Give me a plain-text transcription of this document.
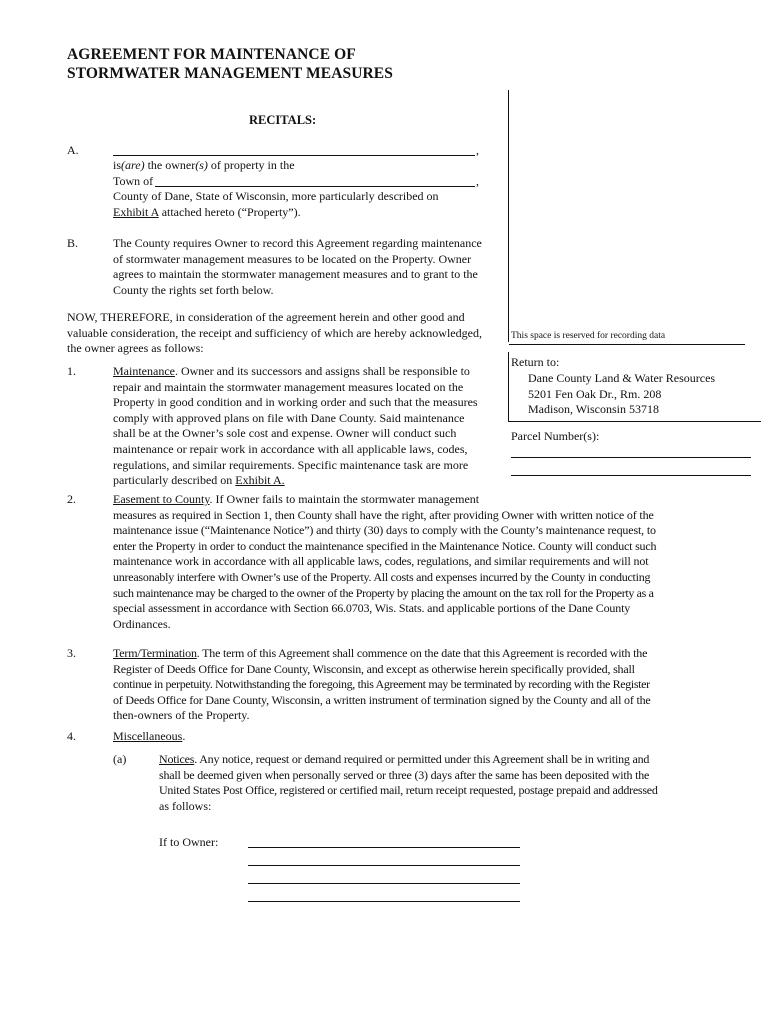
AGREEMENT FOR MAINTENANCE OF
STORMWATER MANAGEMENT MEASURES
RECITALS:
A.	,
is(are) the owner(s) of property in the
Town of	,
County of Dane, State of Wisconsin, more particularly described on
Exhibit A attached hereto (“Property”).
B.	The County requires Owner to record this Agreement regarding maintenance
of stormwater management measures to be located on the Property. Owner
agrees to maintain the stormwater management measures and to grant to the
County the rights set forth below.
NOW, THEREFORE, in consideration of the agreement herein and other good and
valuable consideration, the receipt and sufficiency of which are hereby acknowledged,
the owner agrees as follows:
This space is reserved for recording data
Return to:
Dane County Land & Water Resources
5201 Fen Oak Dr., Rm. 208
Madison, Wisconsin 53718
Parcel Number(s):
1.	Maintenance. Owner and its successors and assigns shall be responsible to
repair and maintain the stormwater management measures located on the
Property in good condition and in working order and such that the measures
comply with approved plans on file with Dane County. Said maintenance
shall be at the Owner’s sole cost and expense. Owner will conduct such
maintenance or repair work in accordance with all applicable laws, codes,
regulations, and similar requirements. Specific maintenance task are more
particularly described on Exhibit A.
2.	Easement to County. If Owner fails to maintain the stormwater management
measures as required in Section 1, then County shall have the right, after providing Owner with written notice of the
maintenance issue (“Maintenance Notice”) and thirty (30) days to comply with the County’s maintenance request, to
enter the Property in order to conduct the maintenance specified in the Maintenance Notice. County will conduct such
maintenance work in accordance with all applicable laws, codes, regulations, and similar requirements and will not
unreasonably interfere with Owner’s use of the Property. All costs and expenses incurred by the County in conducting
such maintenance may be charged to the owner of the Property by placing the amount on the tax roll for the Property as a
special assessment in accordance with Section 66.0703, Wis. Stats. and applicable portions of the Dane County
Ordinances.
3.	Term/Termination. The term of this Agreement shall commence on the date that this Agreement is recorded with the
Register of Deeds Office for Dane County, Wisconsin, and except as otherwise herein specifically provided, shall
continue in perpetuity. Notwithstanding the foregoing, this Agreement may be terminated by recording with the Register
of Deeds Office for Dane County, Wisconsin, a written instrument of termination signed by the County and all of the
then-owners of the Property.
4.	Miscellaneous.
(a)	Notices. Any notice, request or demand required or permitted under this Agreement shall be in writing and
shall be deemed given when personally served or three (3) days after the same has been deposited with the
United States Post Office, registered or certified mail, return receipt requested, postage prepaid and addressed
as follows:
If to Owner:
